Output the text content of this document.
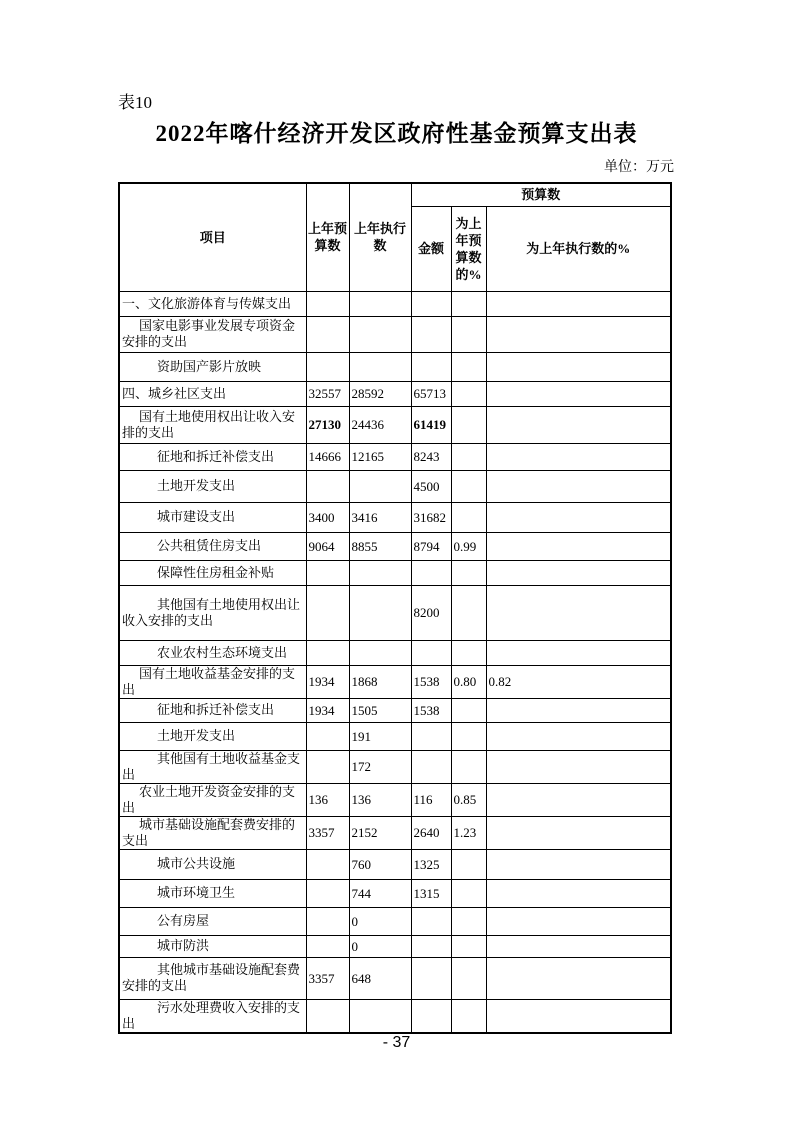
表10
2022年喀什经济开发区政府性基金预算支出表
单位：万元
项目	上年预算数	上年执行数	预算数		
			金额	为上年预算数的%	为上年执行数的%
一、文化旅游体育与传媒支出					
国家电影事业发展专项资金安排的支出					
资助国产影片放映					
四、城乡社区支出	32557	28592	65713		
国有土地使用权出让收入安排的支出	27130	24436	61419		
征地和拆迁补偿支出	14666	12165	8243		
土地开发支出			4500		
城市建设支出	3400	3416	31682		
公共租赁住房支出	9064	8855	8794	0.99	
保障性住房租金补贴					
其他国有土地使用权出让收入安排的支出			8200		
农业农村生态环境支出					
国有土地收益基金安排的支出	1934	1868	1538	0.80	0.82
征地和拆迁补偿支出	1934	1505	1538		
土地开发支出		191			
其他国有土地收益基金支出		172			
农业土地开发资金安排的支出	136	136	116	0.85	
城市基础设施配套费安排的支出	3357	2152	2640	1.23	
城市公共设施		760	1325		
城市环境卫生		744	1315		
公有房屋		0			
城市防洪		0			
其他城市基础设施配套费安排的支出	3357	648			
污水处理费收入安排的支出					
- 37
